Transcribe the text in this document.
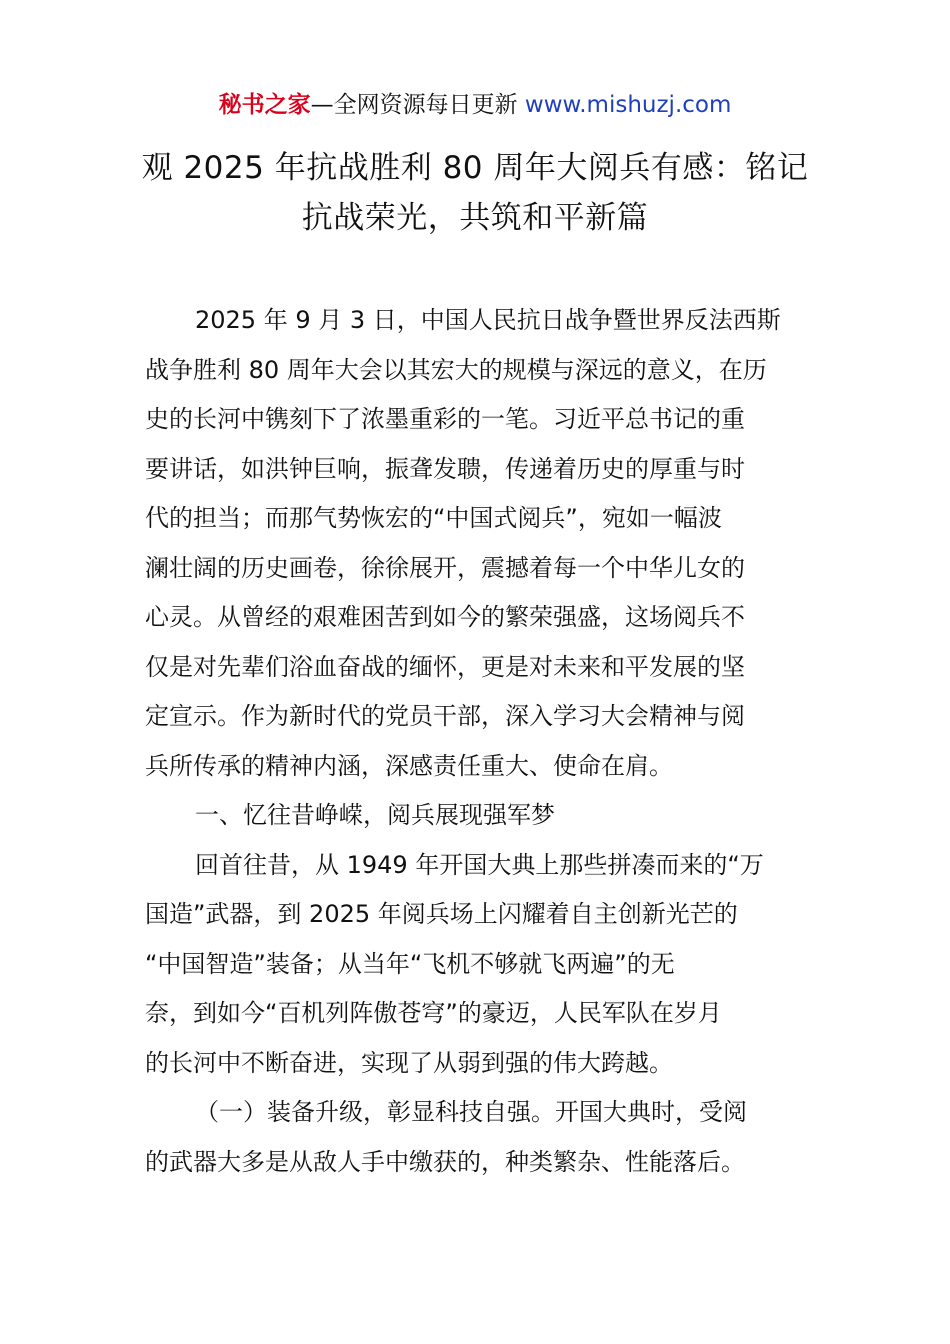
秘书之家—全网资源每日更新 www.mishuzj.com
观 2025 年抗战胜利 80 周年大阅兵有感：铭记
抗战荣光，共筑和平新篇
2025 年 9 月 3 日，中国人民抗日战争暨世界反法西斯
战争胜利 80 周年大会以其宏大的规模与深远的意义，在历
史的长河中镌刻下了浓墨重彩的一笔。习近平总书记的重
要讲话，如洪钟巨响，振聋发聩，传递着历史的厚重与时
代的担当；而那气势恢宏的“中国式阅兵”，宛如一幅波
澜壮阔的历史画卷，徐徐展开，震撼着每一个中华儿女的
心灵。从曾经的艰难困苦到如今的繁荣强盛，这场阅兵不
仅是对先辈们浴血奋战的缅怀，更是对未来和平发展的坚
定宣示。作为新时代的党员干部，深入学习大会精神与阅
兵所传承的精神内涵，深感责任重大、使命在肩。
一、忆往昔峥嵘，阅兵展现强军梦
回首往昔，从 1949 年开国大典上那些拼凑而来的“万
国造”武器，到 2025 年阅兵场上闪耀着自主创新光芒的
“中国智造”装备；从当年“飞机不够就飞两遍”的无
奈，到如今“百机列阵傲苍穹”的豪迈，人民军队在岁月
的长河中不断奋进，实现了从弱到强的伟大跨越。
（一）装备升级，彰显科技自强。开国大典时，受阅
的武器大多是从敌人手中缴获的，种类繁杂、性能落后。
